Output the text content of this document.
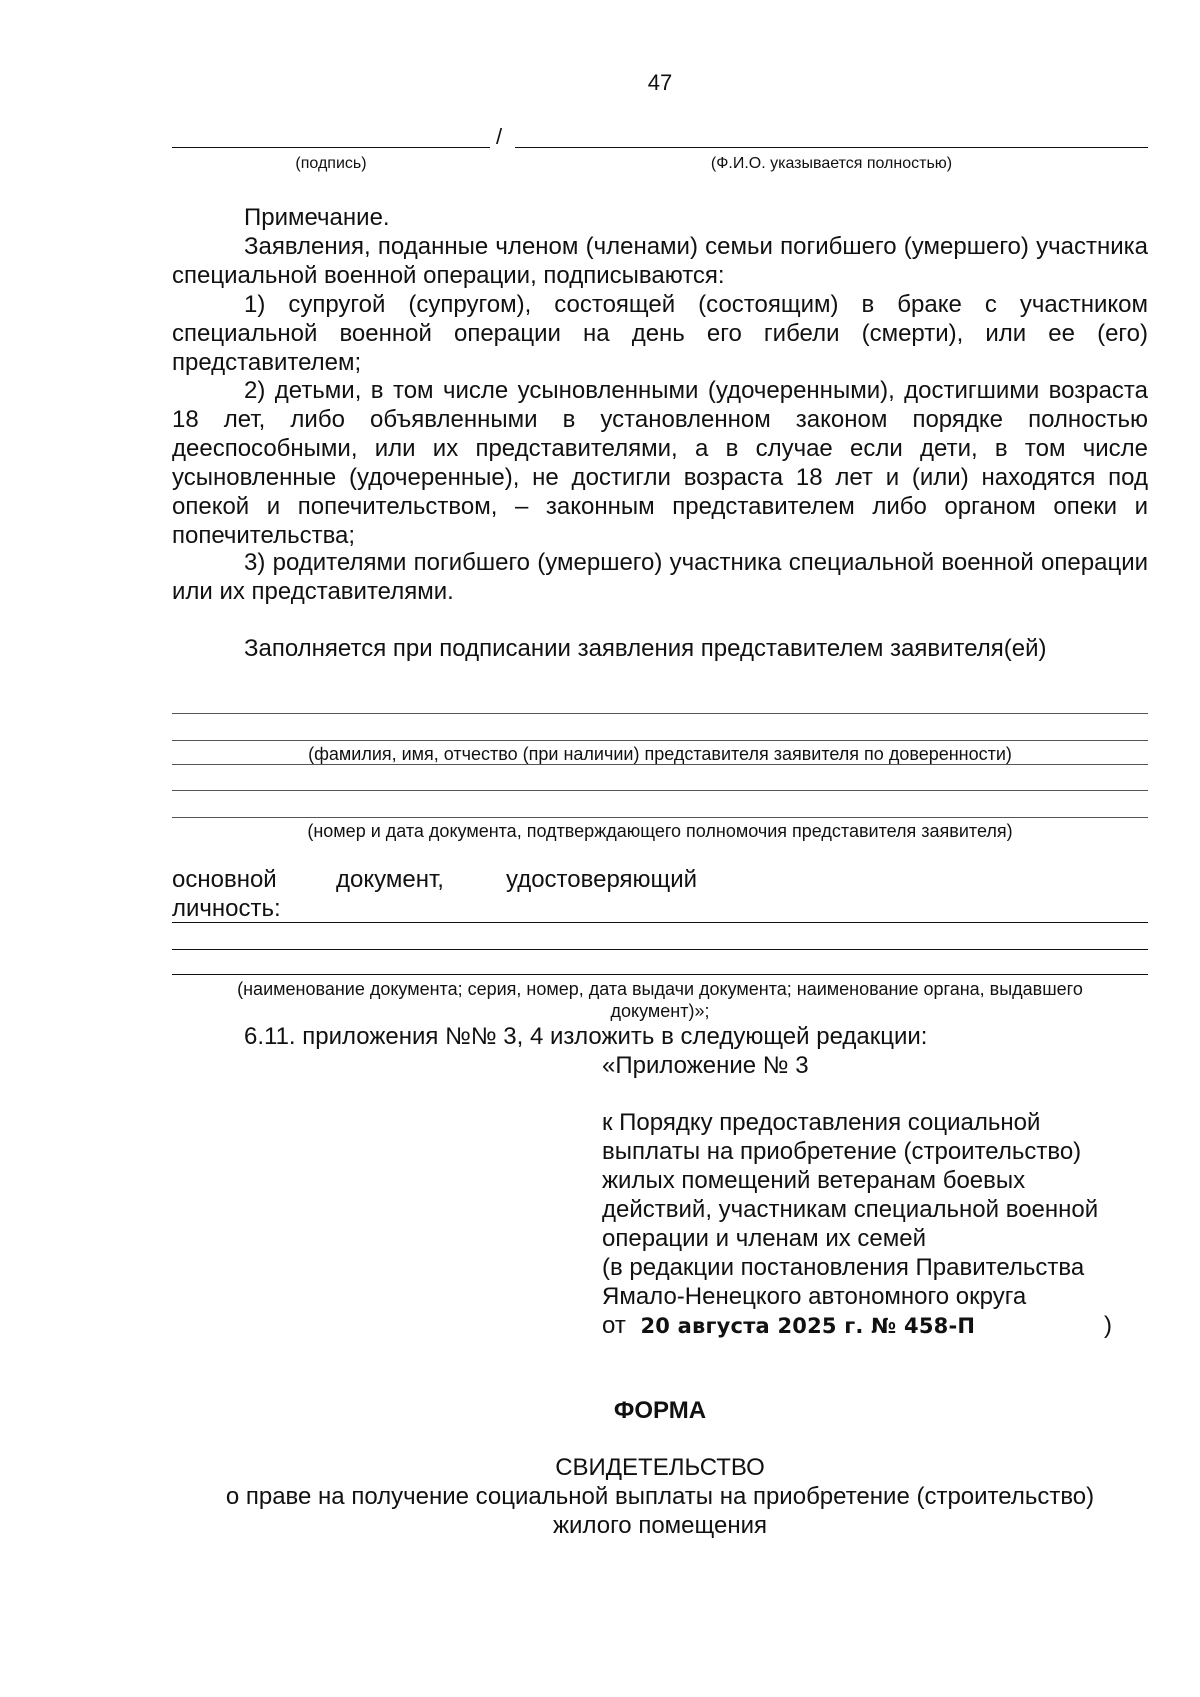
47
/
(подпись)	(Ф.И.О. указывается полностью)
Примечание.
Заявления, поданные членом (членами) семьи погибшего (умершего) участника специальной военной операции, подписываются:
1) супругой (супругом), состоящей (состоящим) в браке с участником специальной военной операции на день его гибели (смерти), или ее (его) представителем;
2) детьми, в том числе усыновленными (удочеренными), достигшими возраста 18 лет, либо объявленными в установленном законом порядке полностью дееспособными, или их представителями, а в случае если дети, в том числе усыновленные (удочеренные), не достигли возраста 18 лет и (или) находятся под опекой и попечительством, – законным представителем либо органом опеки и попечительства;
3) родителями погибшего (умершего) участника специальной военной операции или их представителями.
Заполняется при подписании заявления представителем заявителя(ей)
(фамилия, имя, отчество (при наличии) представителя заявителя по доверенности)
(номер и дата документа, подтверждающего полномочия представителя заявителя)
основной документ,	удостоверяющий
личность:
(наименование документа; серия, номер, дата выдачи документа; наименование органа, выдавшего документ)»;
6.11. приложения №№ 3, 4 изложить в следующей редакции:
«Приложение № 3
к Порядку предоставления социальной
выплаты на приобретение (строительство)
жилых помещений ветеранам боевых
действий, участникам специальной военной
операции и членам их семей
(в редакции постановления Правительства
Ямало-Ненецкого автономного округа
от 20 августа 2025 г. № 458-П	)
ФОРМА
СВИДЕТЕЛЬСТВО
о праве на получение социальной выплаты на приобретение (строительство)
жилого помещения
